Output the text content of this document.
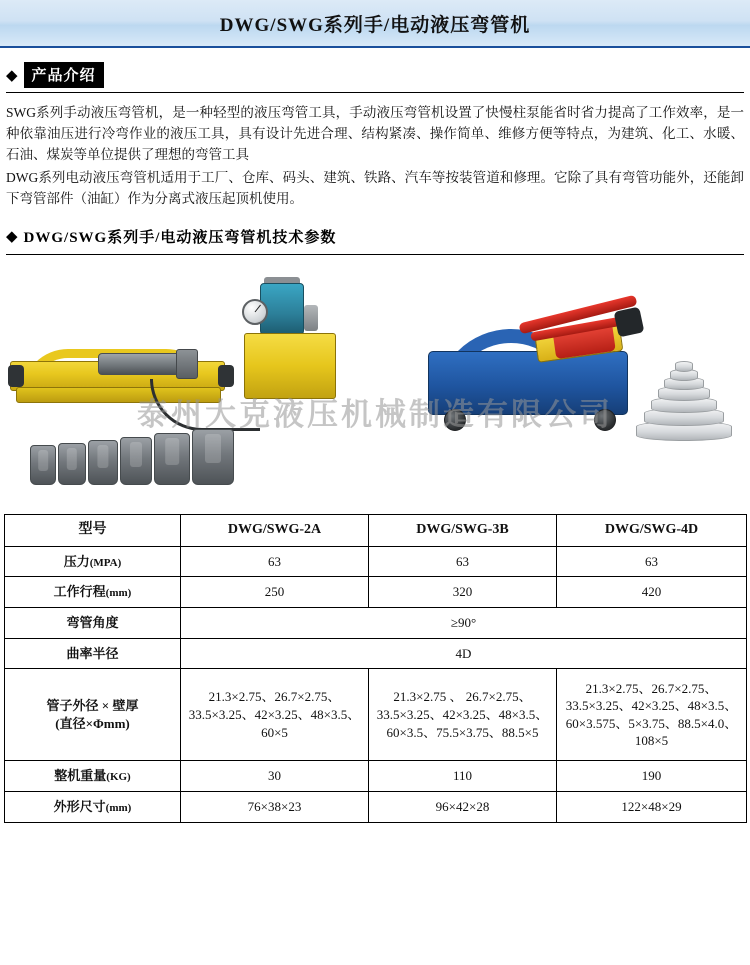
DWG/SWG系列手/电动液压弯管机
◆ 产品介绍

SWG系列手动液压弯管机，是一种轻型的液压弯管工具，手动液压弯管机设置了快慢柱泵能省时省力提高了工作效率，是一种依靠油压进行冷弯作业的液压工具，具有设计先进合理、结构紧凑、操作简单、维修方便等特点，为建筑、化工、水暖、石油、煤炭等单位提供了理想的弯管工具

DWG系列电动液压弯管机适用于工厂、仓库、码头、建筑、铁路、汽车等按装管道和修理。它除了具有弯管功能外，还能卸下弯管部件（油缸）作为分离式液压起顶机使用。

◆ DWG/SWG系列手/电动液压弯管机技术参数
泰州大克液压机械制造有限公司
型号	DWG/SWG-2A	DWG/SWG-3B	DWG/SWG-4D
压力(MPA)	63	63	63
工作行程(mm)	250	320	420
弯管角度	≥90°		
曲率半径	4D		

管子外径 × 壁厚
(直径×Φmm)	21.3×2.75、26.7×2.75、33.5×3.25、42×3.25、48×3.5、60×5	21.3×2.75 、 26.7×2.75、33.5×3.25、42×3.25、48×3.5、60×3.5、75.5×3.75、88.5×5	21.3×2.75、26.7×2.75、33.5×3.25、42×3.25、48×3.5、60×3.575、5×3.75、88.5×4.0、108×5
整机重量(KG)	30	110	190
外形尺寸(mm)	76×38×23	96×42×28	122×48×29
